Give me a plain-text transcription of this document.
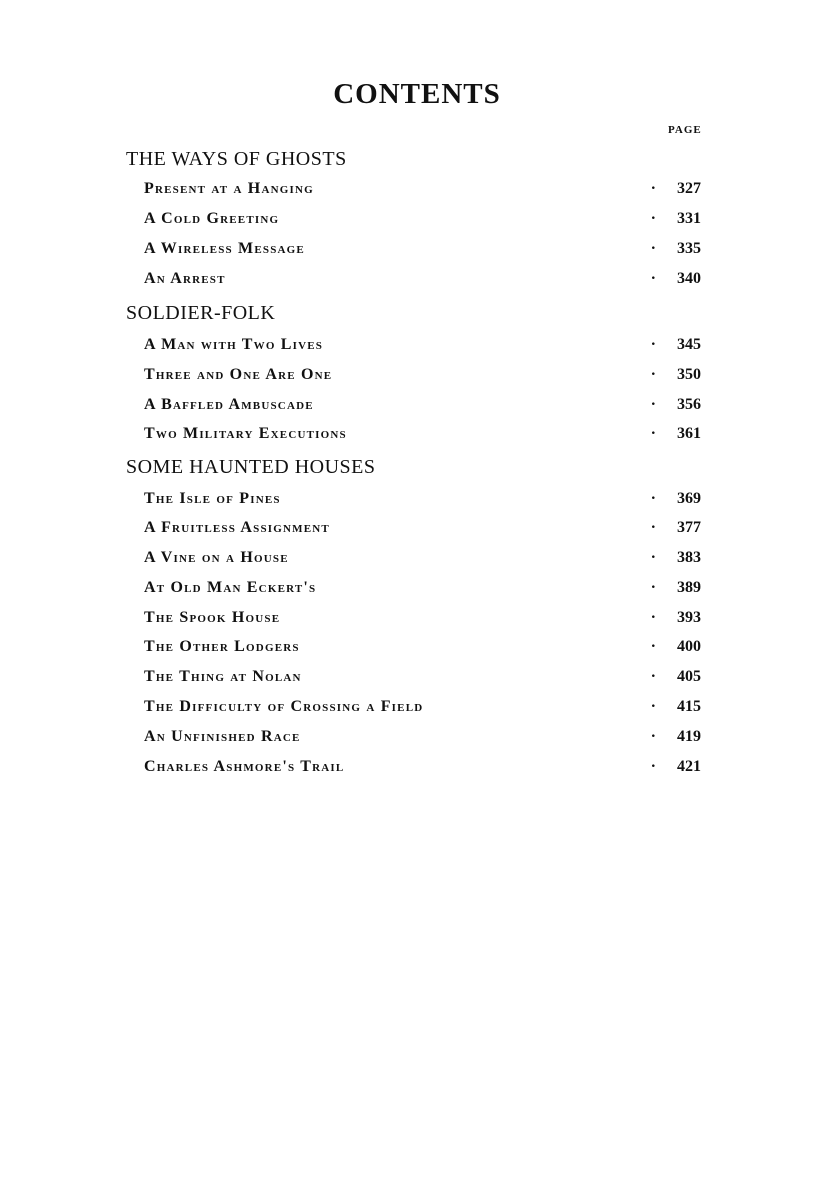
CONTENTS
PAGE
THE WAYS OF GHOSTS
Present at a Hanging	· 327
A Cold Greeting	· 331
A Wireless Message	· 335
An Arrest	· 340
SOLDIER-FOLK
A Man with Two Lives	· 345
Three and One Are One	· 350
A Baffled Ambuscade	· 356
Two Military Executions	· 361
SOME HAUNTED HOUSES
The Isle of Pines	· 369
A Fruitless Assignment	· 377
A Vine on a House	· 383
At Old Man Eckert's	· 389
The Spook House	· 393
The Other Lodgers	· 400
The Thing at Nolan	· 405
The Difficulty of Crossing a Field	· 415
An Unfinished Race	· 419
Charles Ashmore's Trail	· 421
